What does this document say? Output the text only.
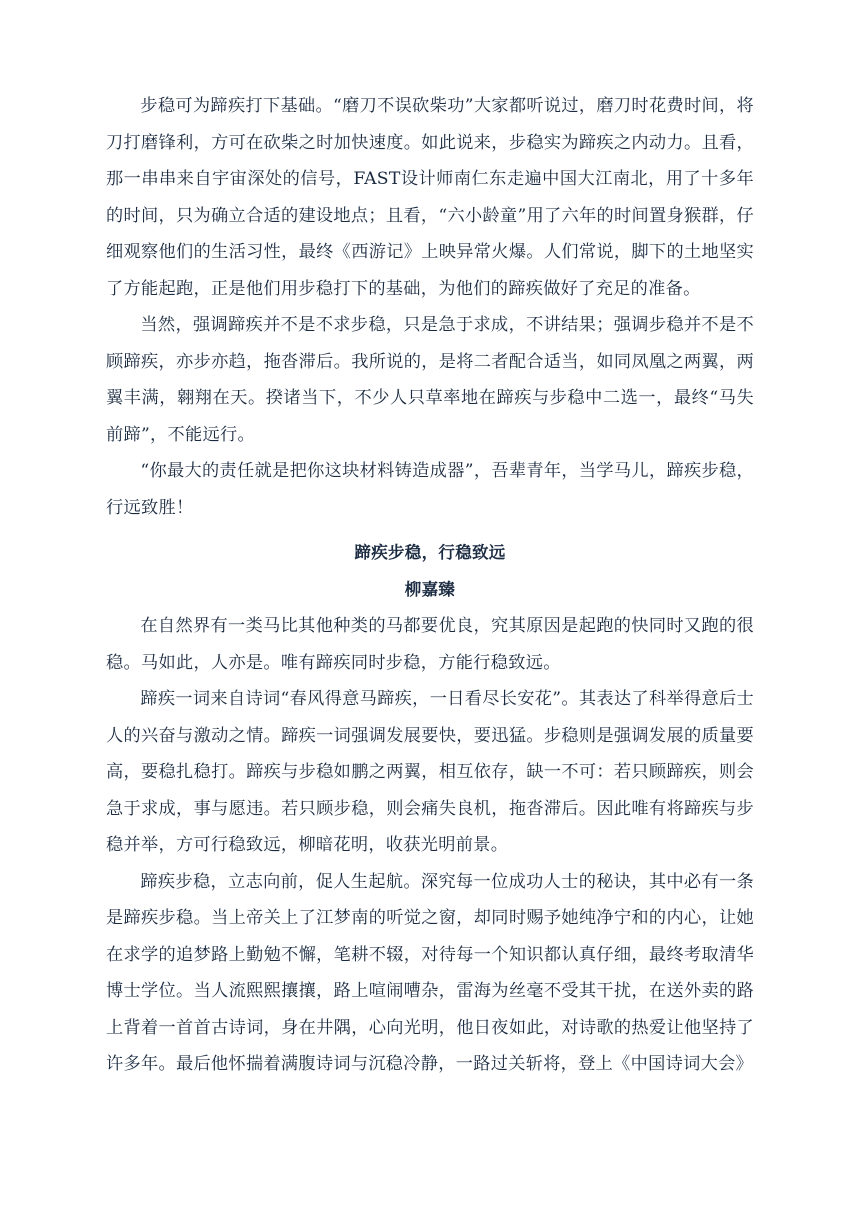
步稳可为蹄疾打下基础。“磨刀不误砍柴功”大家都听说过，磨刀时花费时间，将刀打磨锋利，方可在砍柴之时加快速度。如此说来，步稳实为蹄疾之内动力。且看，那一串串来自宇宙深处的信号，FAST设计师南仁东走遍中国大江南北，用了十多年的时间，只为确立合适的建设地点；且看，“六小龄童”用了六年的时间置身猴群，仔细观察他们的生活习性，最终《西游记》上映异常火爆。人们常说，脚下的土地坚实了方能起跑，正是他们用步稳打下的基础，为他们的蹄疾做好了充足的准备。

当然，强调蹄疾并不是不求步稳，只是急于求成，不讲结果；强调步稳并不是不顾蹄疾，亦步亦趋，拖沓滞后。我所说的，是将二者配合适当，如同凤凰之两翼，两翼丰满，翱翔在天。揆诸当下，不少人只草率地在蹄疾与步稳中二选一，最终“马失前蹄”，不能远行。

“你最大的责任就是把你这块材料铸造成器”，吾辈青年，当学马儿，蹄疾步稳，行远致胜！

蹄疾步稳，行稳致远

柳嘉臻

在自然界有一类马比其他种类的马都要优良，究其原因是起跑的快同时又跑的很稳。马如此，人亦是。唯有蹄疾同时步稳，方能行稳致远。

蹄疾一词来自诗词“春风得意马蹄疾，一日看尽长安花”。其表达了科举得意后士人的兴奋与激动之情。蹄疾一词强调发展要快，要迅猛。步稳则是强调发展的质量要高，要稳扎稳打。蹄疾与步稳如鹏之两翼，相互依存，缺一不可：若只顾蹄疾，则会急于求成，事与愿违。若只顾步稳，则会痛失良机，拖沓滞后。因此唯有将蹄疾与步稳并举，方可行稳致远，柳暗花明，收获光明前景。

蹄疾步稳，立志向前，促人生起航。深究每一位成功人士的秘诀，其中必有一条是蹄疾步稳。当上帝关上了江梦南的听觉之窗，却同时赐予她纯净宁和的内心，让她在求学的追梦路上勤勉不懈，笔耕不辍，对待每一个知识都认真仔细，最终考取清华博士学位。当人流熙熙攘攘，路上喧闹嘈杂，雷海为丝毫不受其干扰，在送外卖的路上背着一首首古诗词，身在井隅，心向光明，他日夜如此，对诗歌的热爱让他坚持了许多年。最后他怀揣着满腹诗词与沉稳冷静，一路过关斩将，登上《中国诗词大会》
